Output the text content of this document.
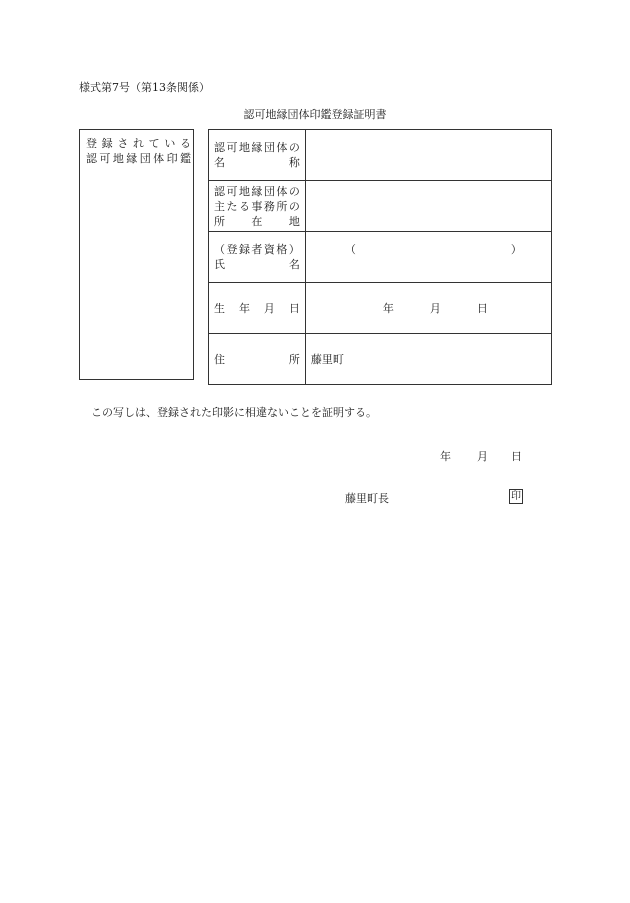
様式第7号（第13条関係）
認可地縁団体印鑑登録証明書
登録されている
認可地縁団体印鑑
認可地縁団体の
名　　　　称	

認可地縁団体の
主たる事務所の
所　在　地	

（登録者資格）
氏　　　　名	（ ）

生　年　月　日	年 月 日

住　　　　所	藤里町
この写しは、登録された印影に相違ないことを証明する。
年 月 日
藤里町長	印
